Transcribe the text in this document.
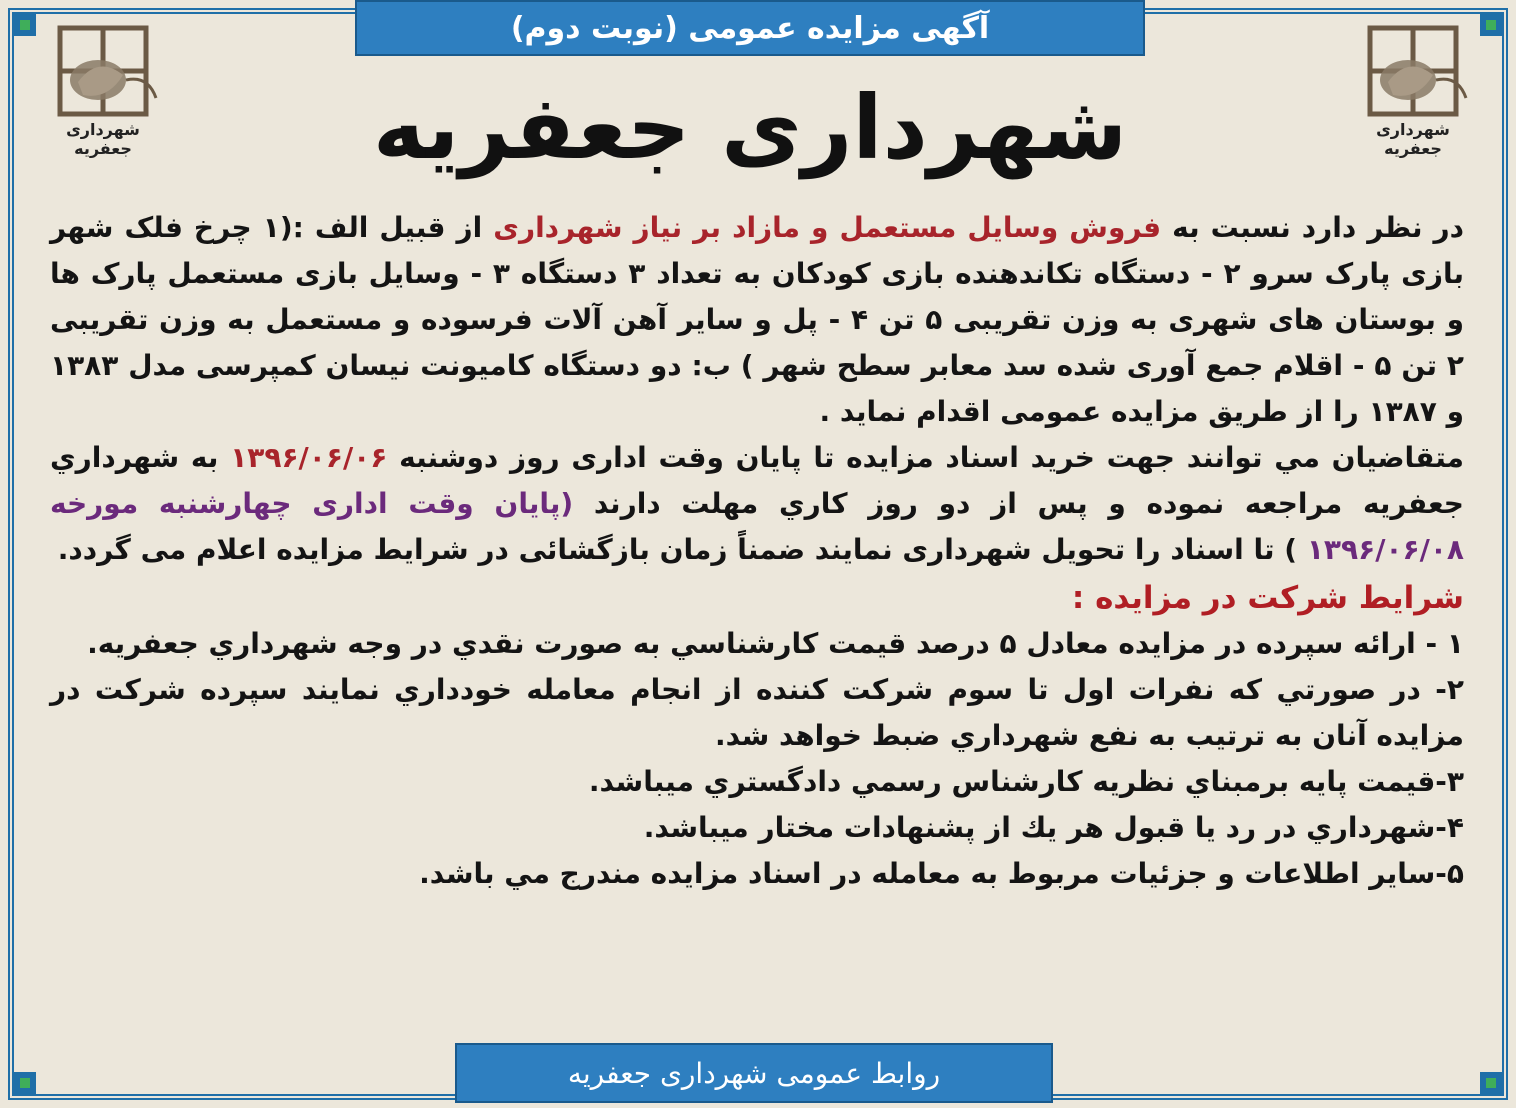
آگهی مزایده عمومی (نوبت دوم)
شهرداری جعفریه
شهرداری جعفریه
شهرداری جعفریه

در نظر دارد نسبت به فروش وسایل مستعمل و مازاد بر نیاز شهرداری از قبیل الف :(۱ چرخ فلک شهر بازی پارک سرو ۲ - دستگاه تکاندهنده بازی کودکان به تعداد ۳ دستگاه ۳ - وسایل بازی مستعمل پارک ها و بوستان های شهری به وزن تقریبی ۵ تن ۴ - پل و سایر آهن آلات فرسوده و مستعمل به وزن تقریبی ۲ تن ۵ - اقلام جمع آوری شده سد معابر سطح شهر ) ب: دو دستگاه کامیونت نیسان کمپرسی مدل ۱۳۸۳ و ۱۳۸۷ را از طریق مزایده عمومی اقدام نماید .

متقاضیان مي توانند جهت خرید اسناد مزایده تا پایان وقت اداری روز دوشنبه ۱۳۹۶/۰۶/۰۶ به شهرداري جعفریه مراجعه نموده و پس از دو روز کاري مهلت دارند (پایان وقت اداری چهارشنبه مورخه ۱۳۹۶/۰۶/۰۸ ) تا اسناد را تحویل شهرداری نمایند ضمناً زمان بازگشائی در شرایط مزایده اعلام می گردد.

شرایط شرکت در مزایده :

۱ - ارائه سپرده در مزایده معادل ۵ درصد قیمت کارشناسي به صورت نقدي در وجه شهرداري جعفریه.

۲- در صورتي که نفرات اول تا سوم شرکت کننده از انجام معامله خودداري نمایند سپرده شرکت در مزایده آنان به ترتیب به نفع شهرداري ضبط خواهد شد.

۳-قیمت پایه برمبناي نظریه کارشناس رسمي دادگستري میباشد.

۴-شهرداري در رد یا قبول هر یك از پشنهادات مختار میباشد.

۵-سایر اطلاعات و جزئیات مربوط به معامله در اسناد مزایده مندرج مي باشد.

روابط عمومی شهرداری جعفریه
